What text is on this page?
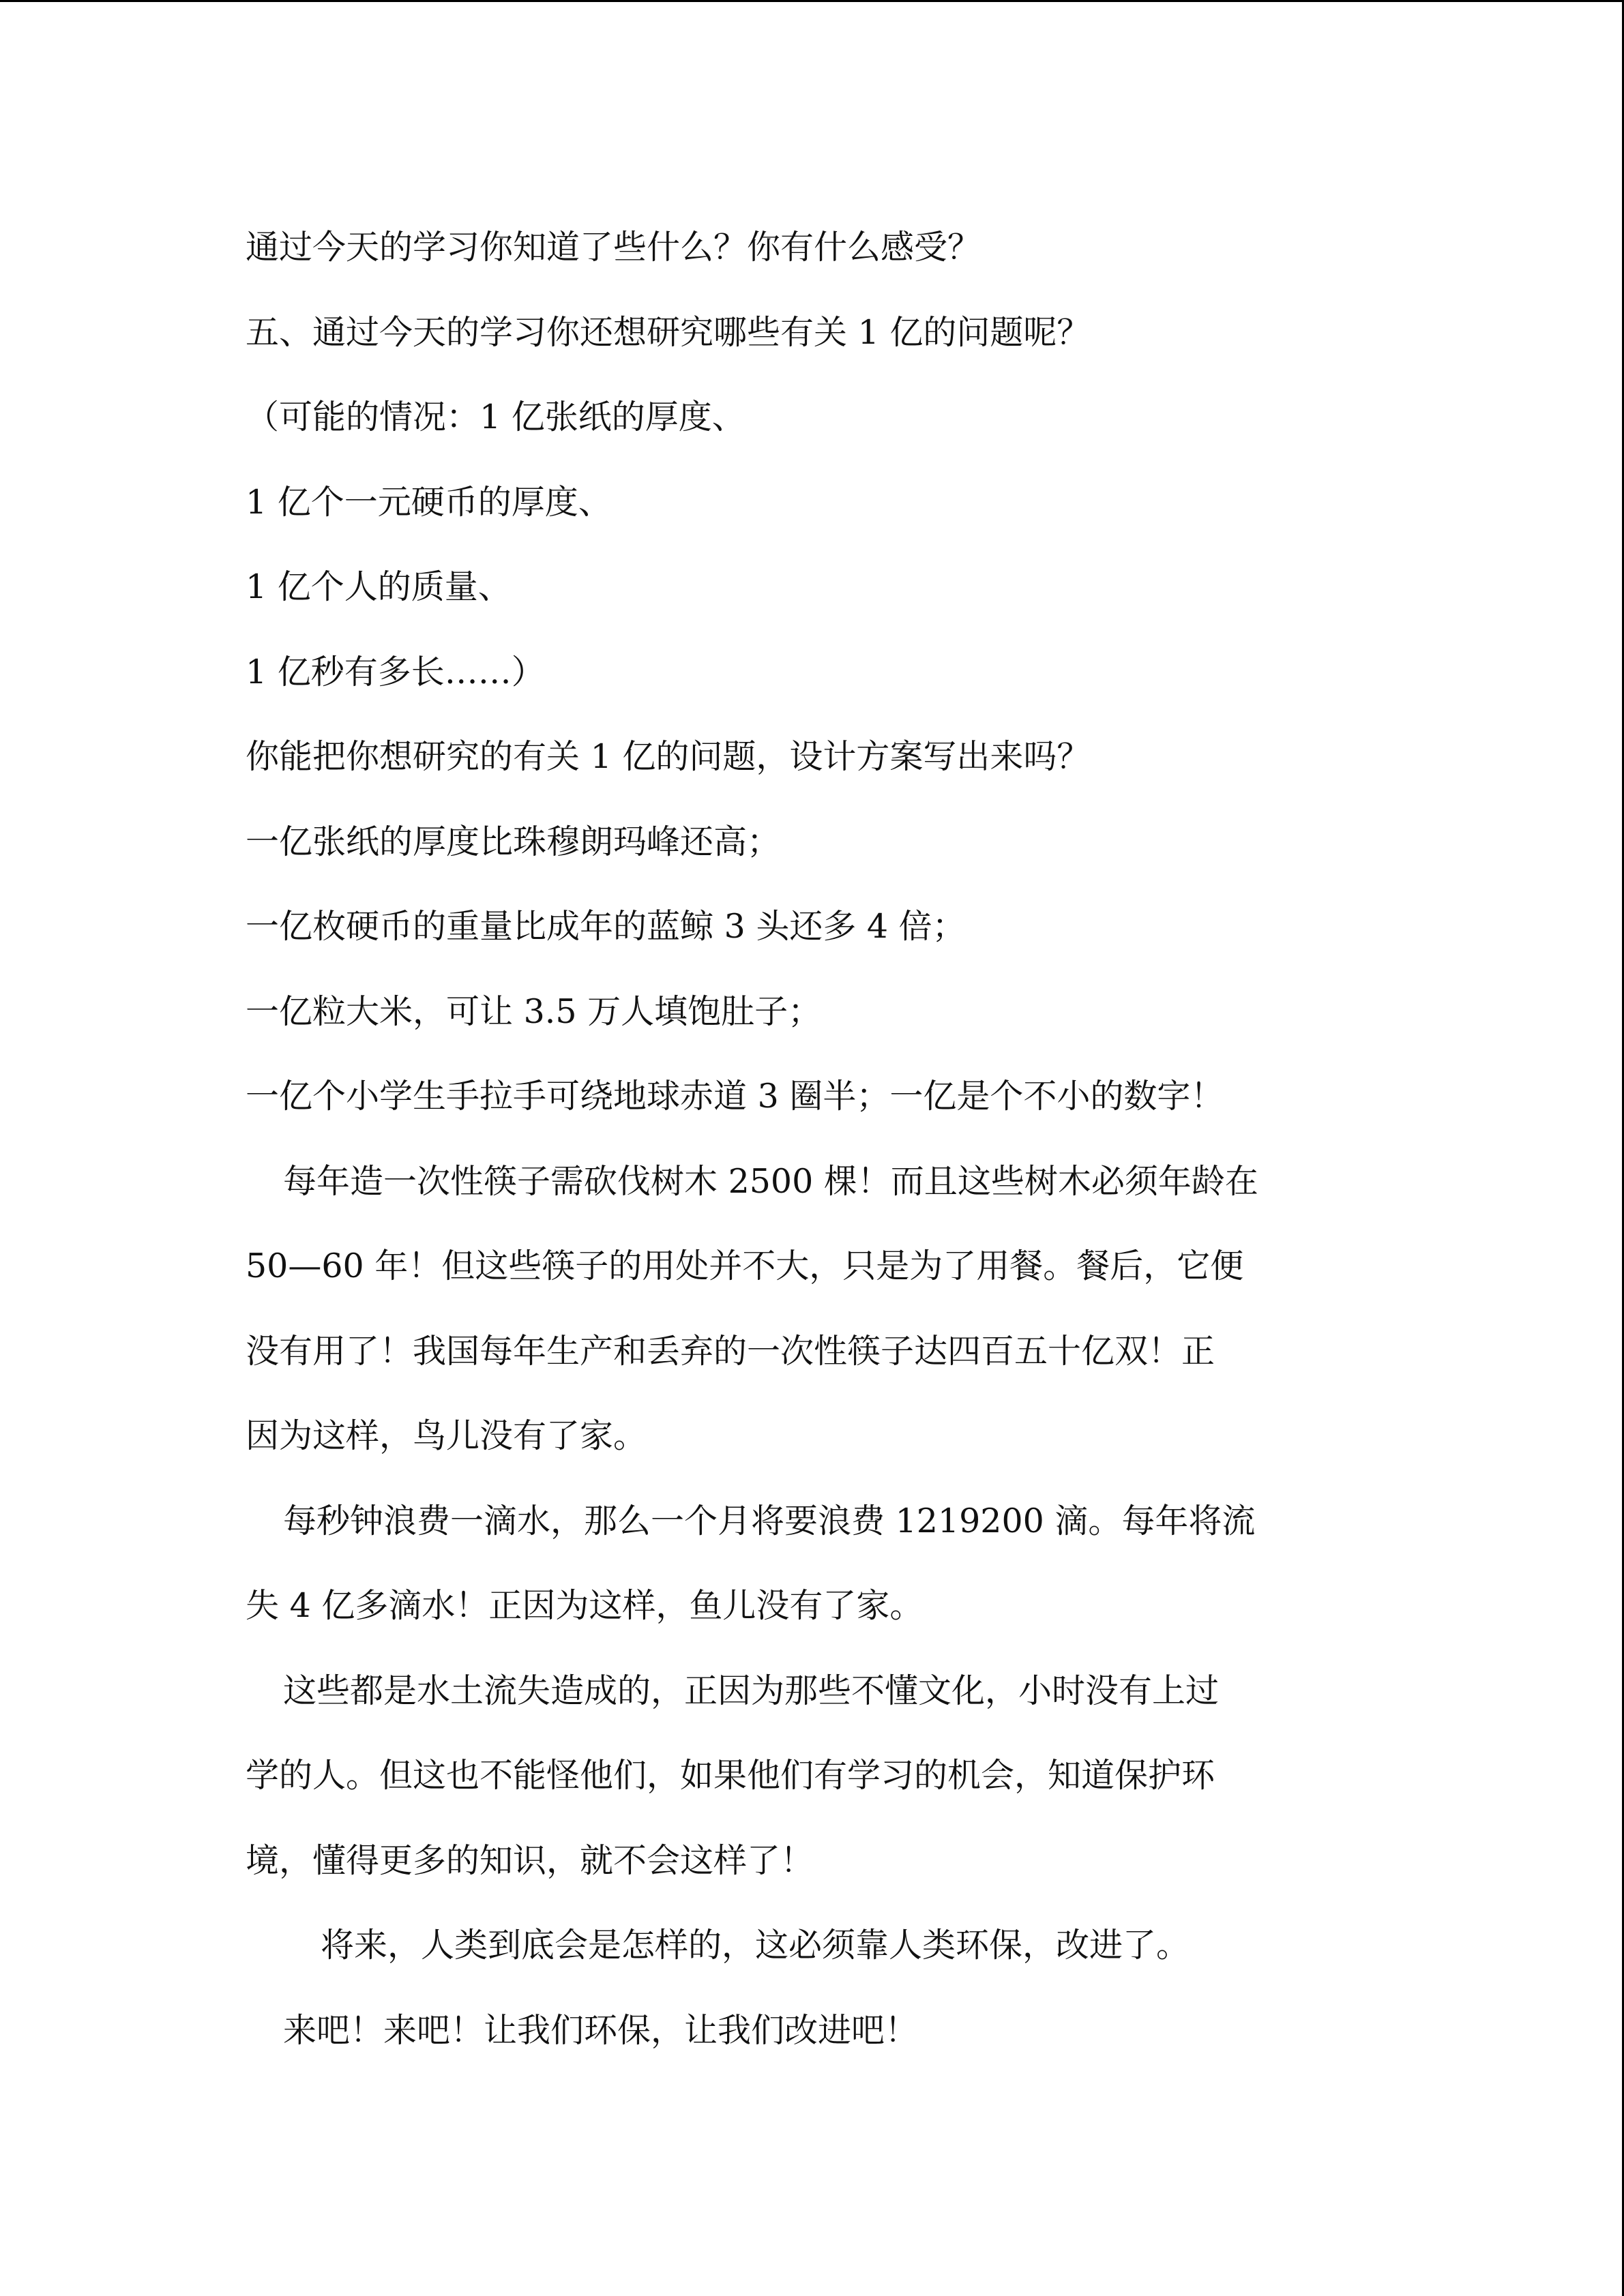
通过今天的学习你知道了些什么？你有什么感受？

五、通过今天的学习你还想研究哪些有关 1 亿的问题呢？

（可能的情况：1 亿张纸的厚度、

1 亿个一元硬币的厚度、

1 亿个人的质量、

1 亿秒有多长……）

你能把你想研究的有关 1 亿的问题，设计方案写出来吗？

一亿张纸的厚度比珠穆朗玛峰还高；

一亿枚硬币的重量比成年的蓝鲸 3 头还多 4 倍；

一亿粒大米，可让 3.5 万人填饱肚子；

一亿个小学生手拉手可绕地球赤道 3 圈半；一亿是个不小的数字！

每年造一次性筷子需砍伐树木 2500 棵！而且这些树木必须年龄在

50—60 年！但这些筷子的用处并不大，只是为了用餐。餐后，它便

没有用了！我国每年生产和丢弃的一次性筷子达四百五十亿双！正

因为这样，鸟儿没有了家。

每秒钟浪费一滴水，那么一个月将要浪费 1219200 滴。每年将流

失 4 亿多滴水！正因为这样，鱼儿没有了家。

这些都是水土流失造成的，正因为那些不懂文化，小时没有上过

学的人。但这也不能怪他们，如果他们有学习的机会，知道保护环

境，懂得更多的知识，就不会这样了！

将来，人类到底会是怎样的，这必须靠人类环保，改进了。

来吧！来吧！让我们环保，让我们改进吧！
